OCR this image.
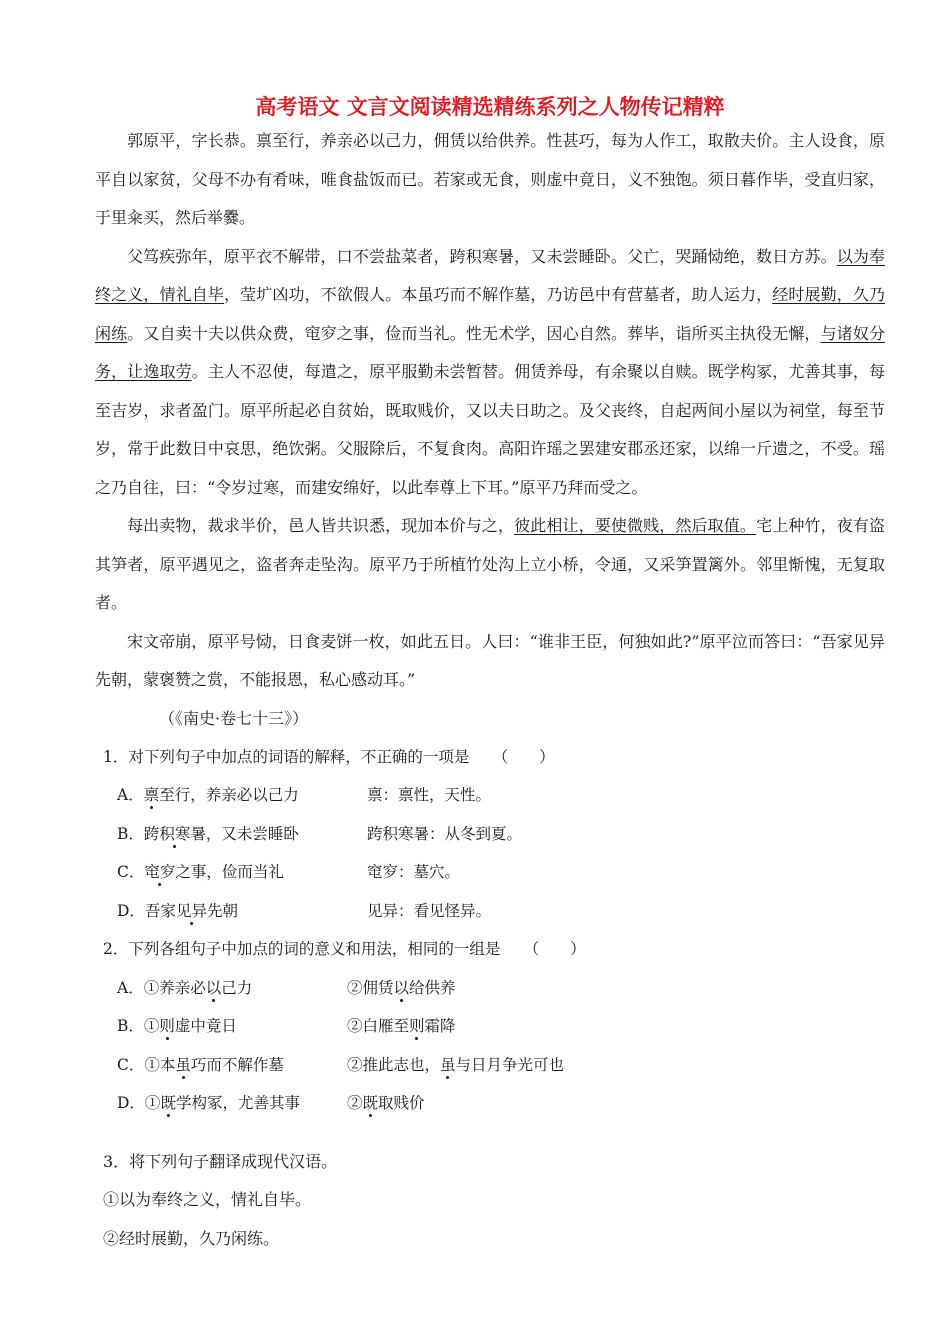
高考语文 文言文阅读精选精练系列之人物传记精粹

郭原平，字长恭。禀至行，养亲必以己力，佣赁以给供养。性甚巧，每为人作工，取散夫价。主人设食，原平自以家贫，父母不办有肴味，唯食盐饭而已。若家或无食，则虚中竟日，义不独饱。须日暮作毕，受直归家，于里籴买，然后举爨。

父笃疾弥年，原平衣不解带，口不尝盐菜者，跨积寒暑，又未尝睡卧。父亡，哭踊恸绝，数日方苏。以为奉终之义，情礼自毕，莹圹凶功，不欲假人。本虽巧而不解作墓，乃访邑中有营墓者，助人运力，经时展勤，久乃闲练。又自卖十夫以供众费，窀穸之事，俭而当礼。性无术学，因心自然。葬毕，诣所买主执役无懈，与诸奴分务，让逸取劳。主人不忍使，每遣之，原平服勤未尝暂替。佣赁养母，有余聚以自赎。既学构冢，尤善其事，每至吉岁，求者盈门。原平所起必自贫始，既取贱价，又以夫日助之。及父丧终，自起两间小屋以为祠堂，每至节岁，常于此数日中哀思，绝饮粥。父服除后，不复食肉。高阳许瑶之罢建安郡丞还家，以绵一斤遗之，不受。瑶之乃自往，曰：“令岁过寒，而建安绵好，以此奉尊上下耳。”原平乃拜而受之。

每出卖物，裁求半价，邑人皆共识悉，现加本价与之，彼此相让，要使微贱，然后取值。宅上种竹，夜有盗其笋者，原平遇见之，盗者奔走坠沟。原平乃于所植竹处沟上立小桥，令通，又采笋置篱外。邻里惭愧，无复取者。

宋文帝崩，原平号恸，日食麦饼一枚，如此五日。人曰：“谁非王臣，何独如此?”原平泣而答曰：“吾家见异先朝，蒙褒赞之赏，不能报恩，私心感动耳。”

（《南史·卷七十三》）

1．对下列句子中加点的词语的解释，不正确的一项是　　（　　）
A．禀至行，养亲必以己力	禀：禀性，天性。
B．跨积寒暑，又未尝睡卧	跨积寒暑：从冬到夏。
C．窀穸之事，俭而当礼	窀穸：墓穴。
D．吾家见异先朝	见异：看见怪异。
2．下列各组句子中加点的词的意义和用法，相同的一组是　　（　　）
A．①养亲必以己力	②佣赁以给供养
B．①则虚中竟日	②白雁至则霜降
C．①本虽巧而不解作墓	②推此志也，虽与日月争光可也
D．①既学构冢，尤善其事	②既取贱价
3．将下列句子翻译成现代汉语。
①以为奉终之义，情礼自毕。
②经时展勤，久乃闲练。
